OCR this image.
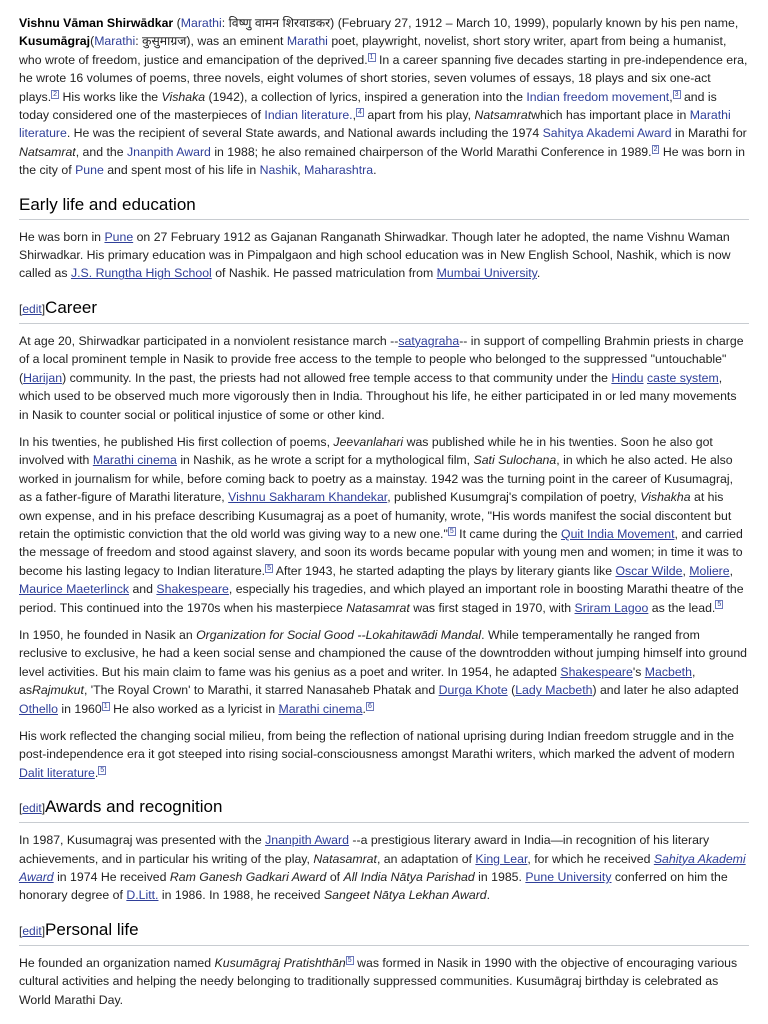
Vishnu Vāman Shirwādkar (Marathi: विष्णु वामन शिरवाडकर) (February 27, 1912 – March 10, 1999), popularly known by his pen name, Kusumāgraj(Marathi: कुसुमाग्रज), was an eminent Marathi poet, playwright, novelist, short story writer, apart from being a humanist, who wrote of freedom, justice and emancipation of the deprived. $^1$ In a career spanning five decades starting in pre-independence era, he wrote 16 volumes of poems, three novels, eight volumes of short stories, seven volumes of essays, 18 plays and six one-act plays. $^2$ His works like the Vishaka (1942), a collection of lyrics, inspired a generation into the Indian freedom movement, $^3$ and is today considered one of the masterpieces of Indian literature., $^4$ apart from his play, Natsamratwhich has important place in Marathi literature. He was the recipient of several State awards, and National awards including the 1974 Sahitya Akademi Award in Marathi for Natsamrat, and the Jnanpith Award in 1988; he also remained chairperson of the World Marathi Conference in 1989. $^2$ He was born in the city of Pune and spent most of his life in Nashik, Maharashtra.

Early life and education

He was born in Pune on 27 February 1912 as Gajanan Ranganath Shirwadkar. Though later he adopted, the name Vishnu Waman Shirwadkar. His primary education was in Pimpalgaon and high school education was in New English School, Nashik, which is now called as J.S. Rungtha High School of Nashik. He passed matriculation from Mumbai University.

[edit]Career

At age 20, Shirwadkar participated in a nonviolent resistance march --satyagraha-- in support of compelling Brahmin priests in charge of a local prominent temple in Nasik to provide free access to the temple to people who belonged to the suppressed "untouchable" (Harijan) community. In the past, the priests had not allowed free temple access to that community under the Hindu caste system, which used to be observed much more vigorously then in India. Throughout his life, he either participated in or led many movements in Nasik to counter social or political injustice of some or other kind.

In his twenties, he published His first collection of poems, Jeevanlahari was published while he in his twenties. Soon he also got involved with Marathi cinema in Nashik, as he wrote a script for a mythological film, Sati Sulochana, in which he also acted. He also worked in journalism for while, before coming back to poetry as a mainstay. 1942 was the turning point in the career of Kusumagraj, as a father-figure of Marathi literature, Vishnu Sakharam Khandekar, published Kusumgraj's compilation of poetry, Vishakha at his own expense, and in his preface describing Kusumagraj as a poet of humanity, wrote, "His words manifest the social discontent but retain the optimistic conviction that the old world was giving way to a new one." $^5$ It came during the Quit India Movement, and carried the message of freedom and stood against slavery, and soon its words became popular with young men and women; in time it was to become his lasting legacy to Indian literature. $^5$ After 1943, he started adapting the plays by literary giants like Oscar Wilde, Moliere, Maurice Maeterlinck and Shakespeare, especially his tragedies, and which played an important role in boosting Marathi theatre of the period. This continued into the 1970s when his masterpiece Natasamrat was first staged in 1970, with Sriram Lagoo as the lead. $^5$

In 1950, he founded in Nasik an Organization for Social Good --Lokahitawādi Mandal. While temperamentally he ranged from reclusive to exclusive, he had a keen social sense and championed the cause of the downtrodden without jumping himself into ground level activities. But his main claim to fame was his genius as a poet and writer. In 1954, he adapted Shakespeare's Macbeth, asRajmukut, 'The Royal Crown' to Marathi, it starred Nanasaheb Phatak and Durga Khote (Lady Macbeth) and later he also adapted Othello in 1960 $^1$ He also worked as a lyricist in Marathi cinema. $^6$

His work reflected the changing social milieu, from being the reflection of national uprising during Indian freedom struggle and in the post-independence era it got steeped into rising social-consciousness amongst Marathi writers, which marked the advent of modern Dalit literature. $^5$

[edit]Awards and recognition

In 1987, Kusumagraj was presented with the Jnanpith Award --a prestigious literary award in India—in recognition of his literary achievements, and in particular his writing of the play, Natasamrat, an adaptation of King Lear, for which he received Sahitya Akademi Award in 1974 He received Ram Ganesh Gadkari Award of All India Nātya Parishad in 1985. Pune University conferred on him the honorary degree of D.Litt. in 1986. In 1988, he received Sangeet Nātya Lekhan Award.

[edit]Personal life

He founded an organization named Kusumāgraj Pratishthān $^5$ was formed in Nasik in 1990 with the objective of encouraging various cultural activities and helping the needy belonging to traditionally suppressed communities. Kusumāgraj birthday is celebrated as World Marathi Day.
